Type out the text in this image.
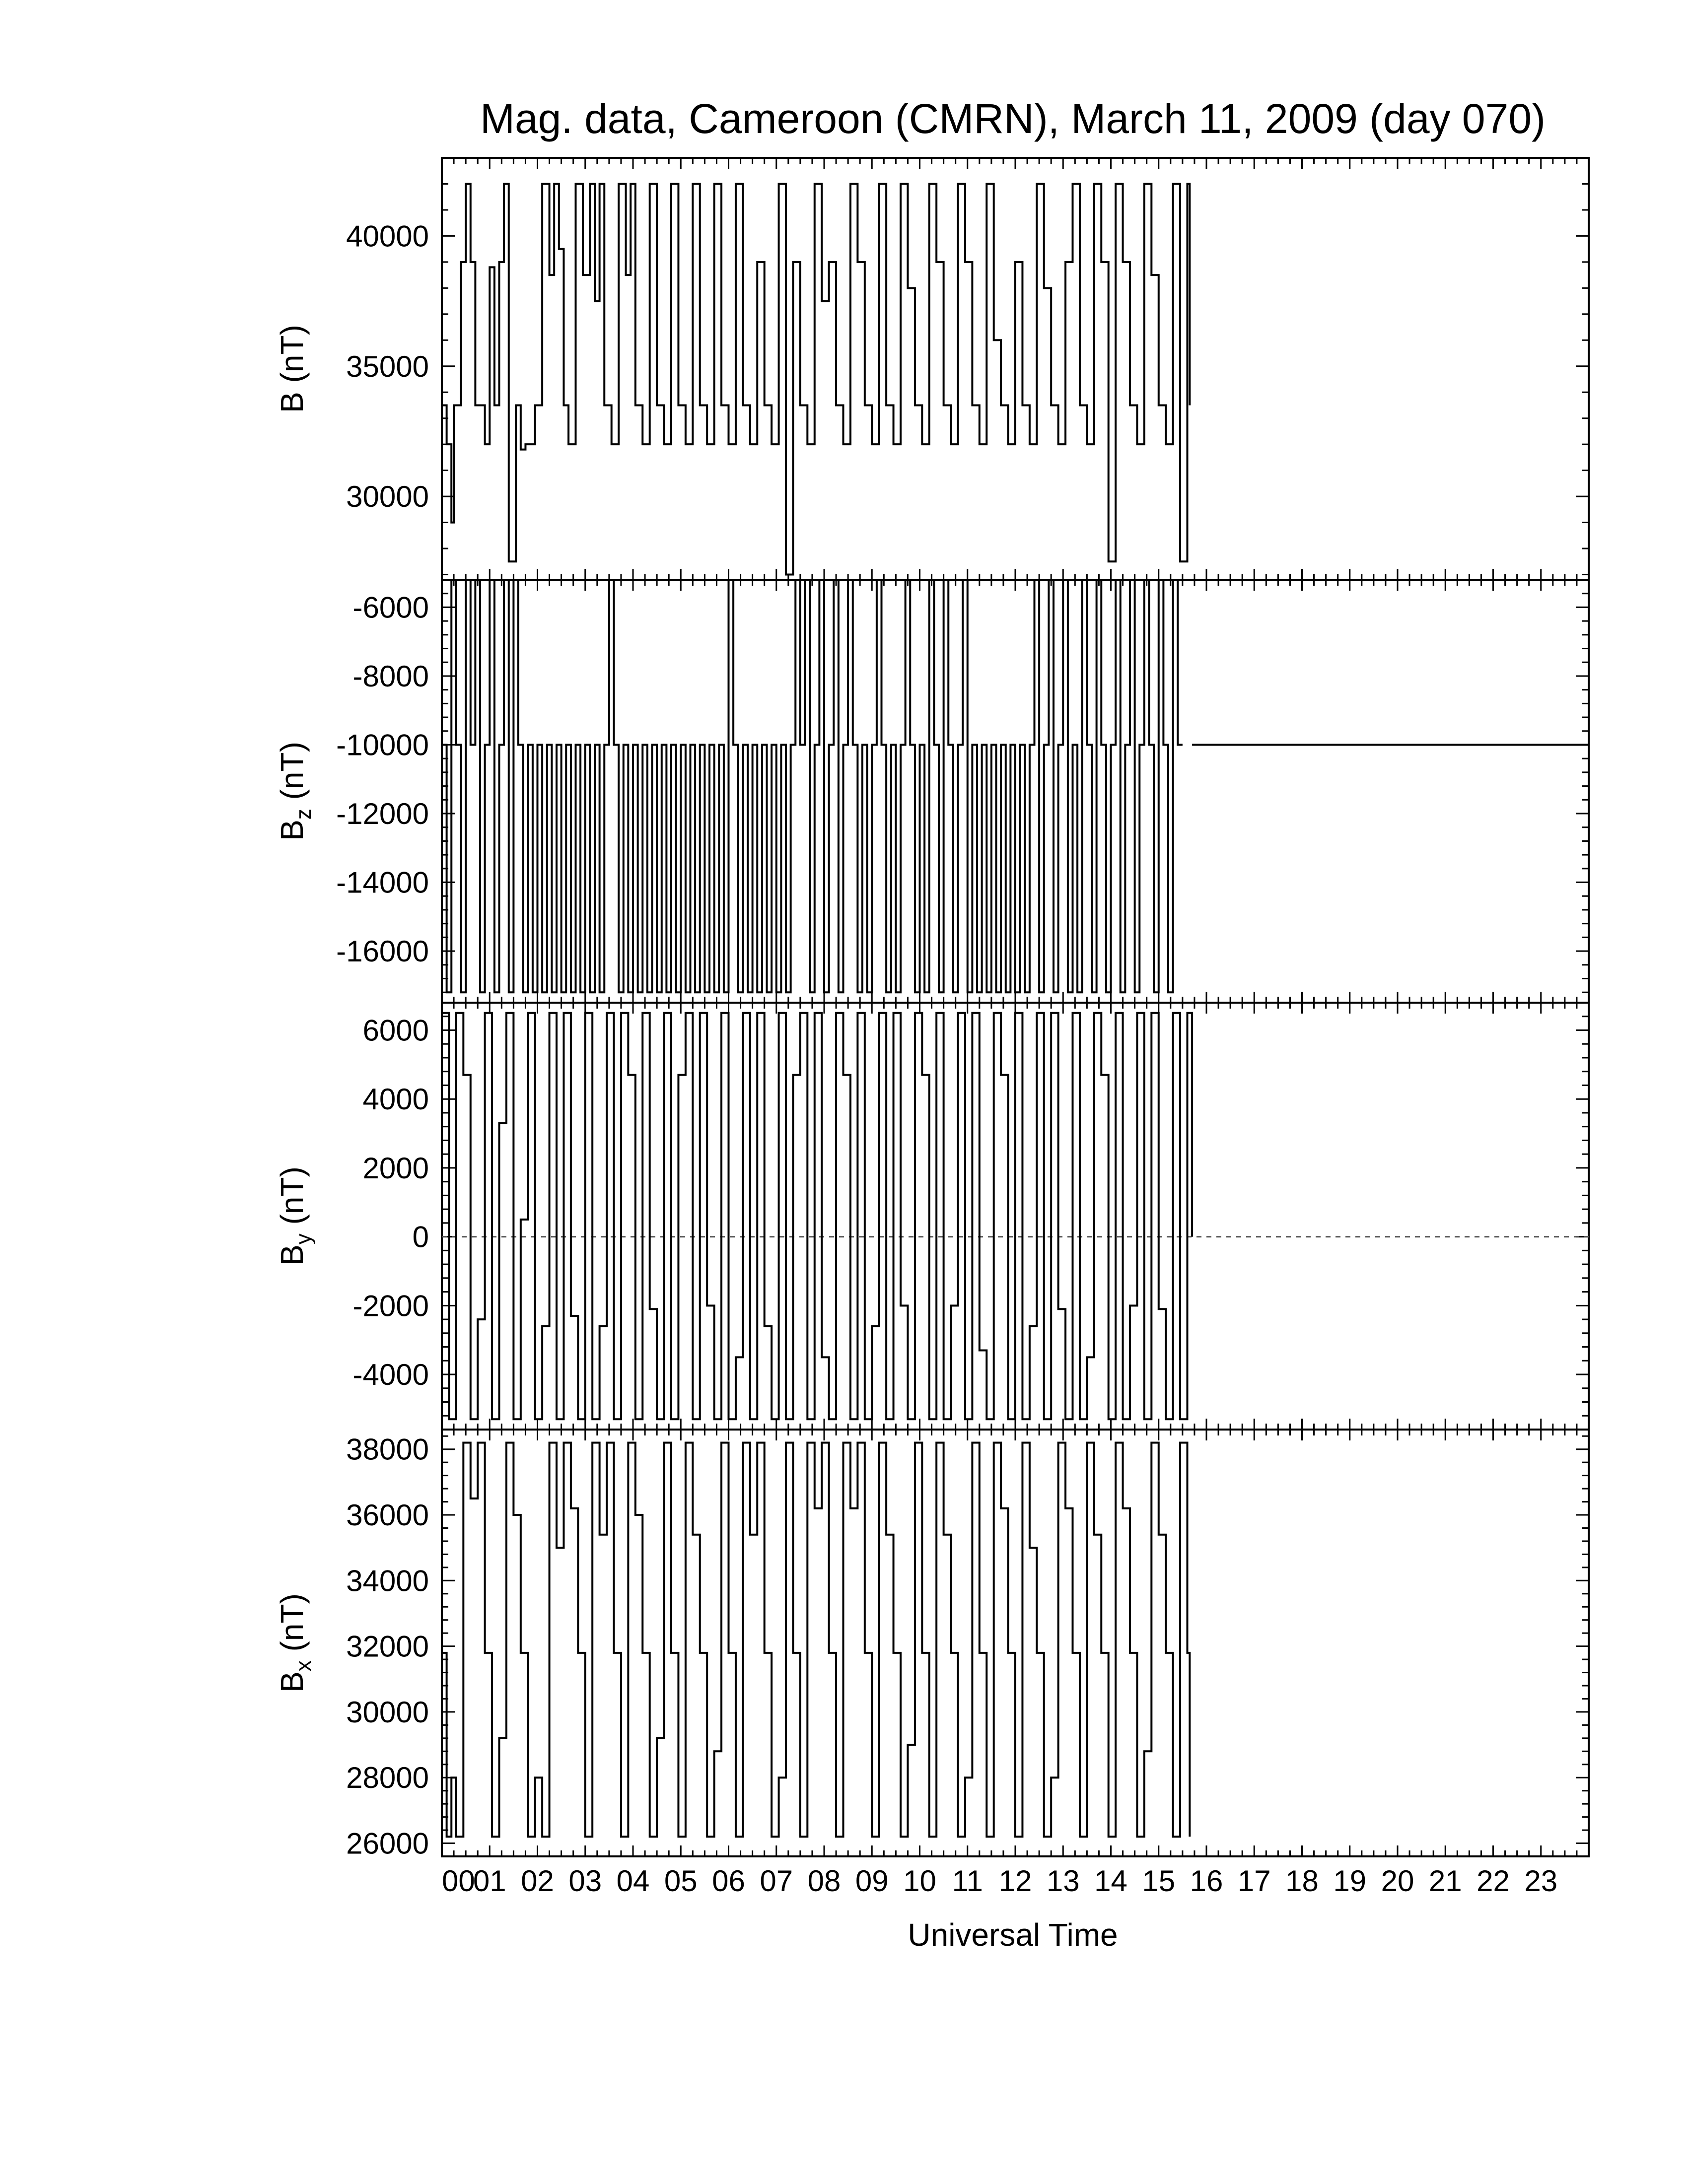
Mag. data, Cameroon (CMRN), March 11, 2009 (day 070)
30000
35000
40000
B (nT)
-16000
-14000
-12000
-10000
-8000
-6000
$B_z$ (nT)
-4000
-2000
0
2000
4000
6000
$B_y$ (nT)
26000
28000
30000
32000
34000
36000
38000
$B_x$ (nT)
00
01 02 03 04 05 06 07 08 09 10 11 12 13 14 15 16 17 18 19 20 21 22 23
Universal Time
